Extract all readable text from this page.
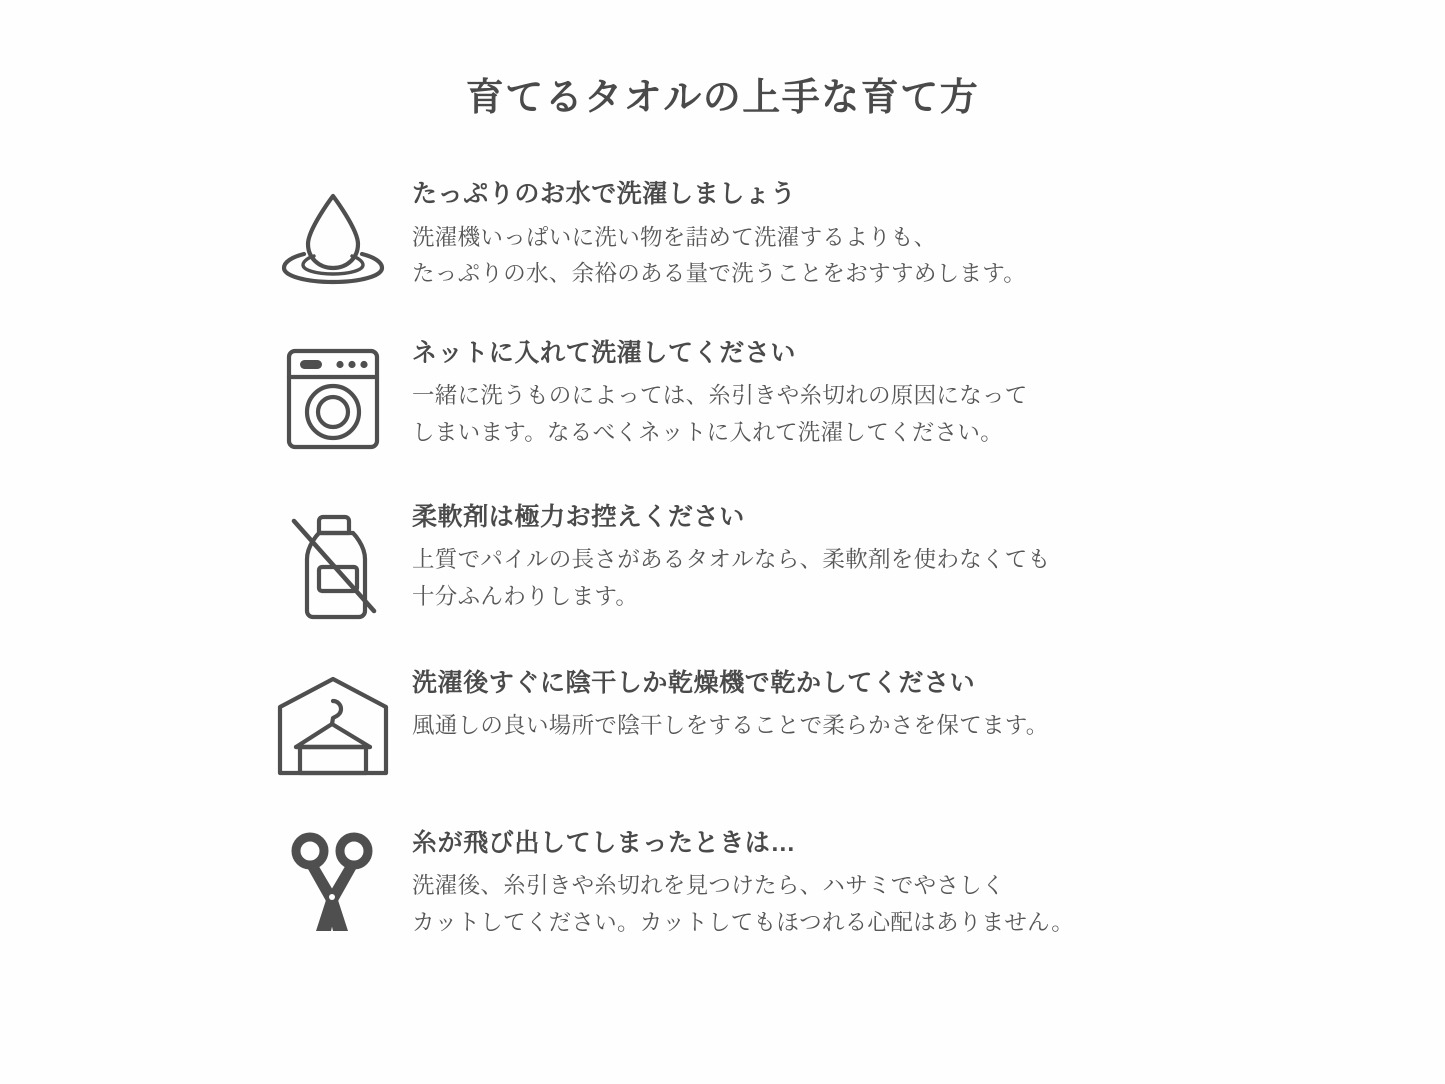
育てるタオルの上手な育て方
たっぷりのお水で洗濯しましょう
洗濯機いっぱいに洗い物を詰めて洗濯するよりも、
たっぷりの水、余裕のある量で洗うことをおすすめします。
ネットに入れて洗濯してください
一緒に洗うものによっては、糸引きや糸切れの原因になって
しまいます。なるべくネットに入れて洗濯してください。
柔軟剤は極力お控えください
上質でパイルの長さがあるタオルなら、柔軟剤を使わなくても
十分ふんわりします。
洗濯後すぐに陰干しか乾燥機で乾かしてください
風通しの良い場所で陰干しをすることで柔らかさを保てます。
糸が飛び出してしまったときは…
洗濯後、糸引きや糸切れを見つけたら、ハサミでやさしく
カットしてください。カットしてもほつれる心配はありません。
